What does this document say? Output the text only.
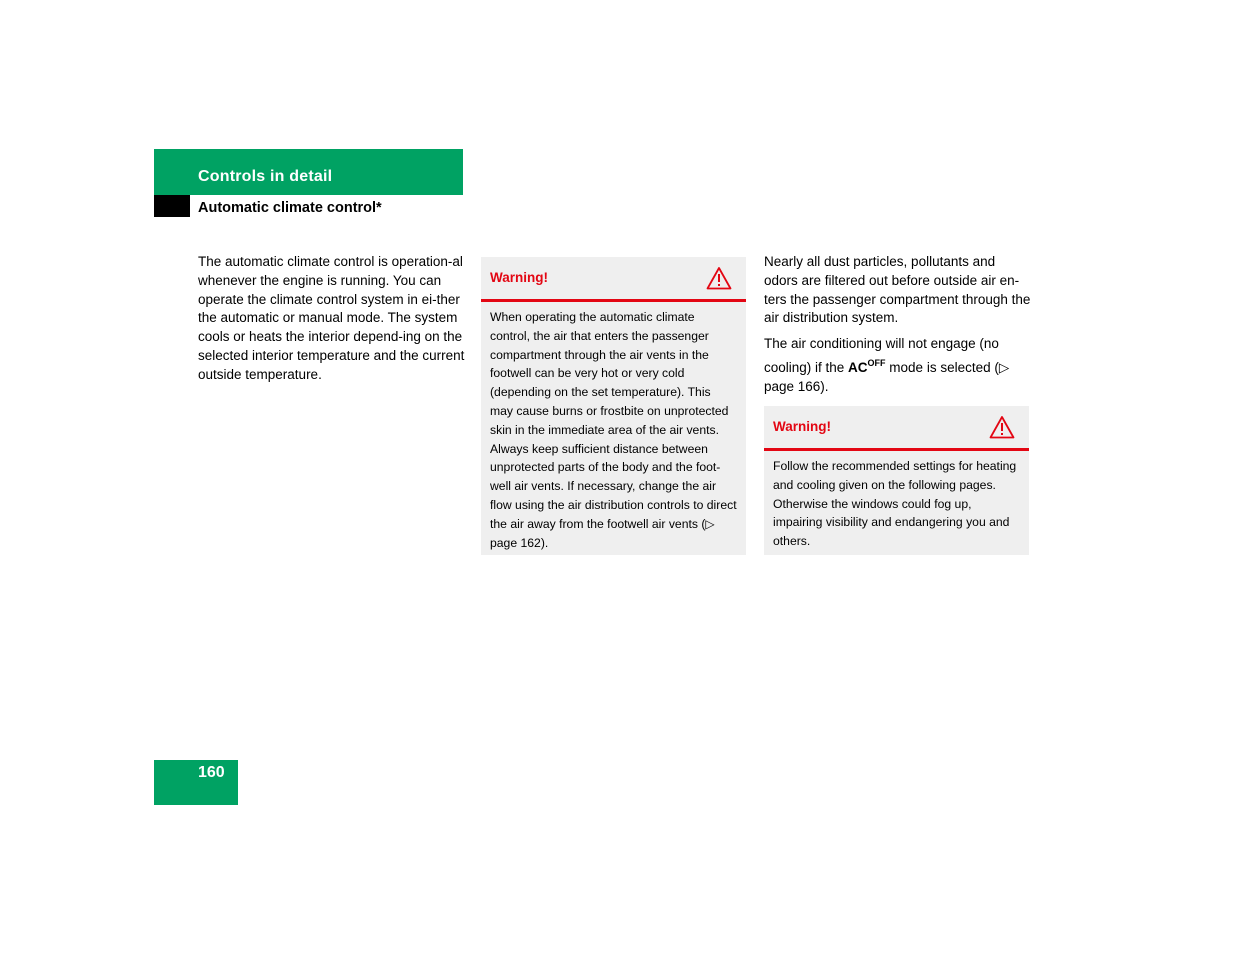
Controls in detail
Automatic climate control*

The automatic climate control is operation-al whenever the engine is running. You can operate the climate control system in ei-ther the automatic or manual mode. The system cools or heats the interior depend-ing on the selected interior temperature and the current outside temperature.

Warning!

When operating the automatic climate control, the air that enters the passenger compartment through the air vents in the footwell can be very hot or very cold (depending on the set temperature). This may cause burns or frostbite on unprotected skin in the immediate area of the air vents. Always keep sufficient distance between unprotected parts of the body and the foot-well air vents. If necessary, change the air flow using the air distribution controls to direct the air away from the footwell air vents (▷ page 162).

Nearly all dust particles, pollutants and odors are filtered out before outside air en-ters the passenger compartment through the air distribution system.

The air conditioning will not engage (no cooling) if the $AC^{OFF}$ mode is selected (▷ page 166).

Warning!

Follow the recommended settings for heating and cooling given on the following pages. Otherwise the windows could fog up, impairing visibility and endangering you and others.

160
